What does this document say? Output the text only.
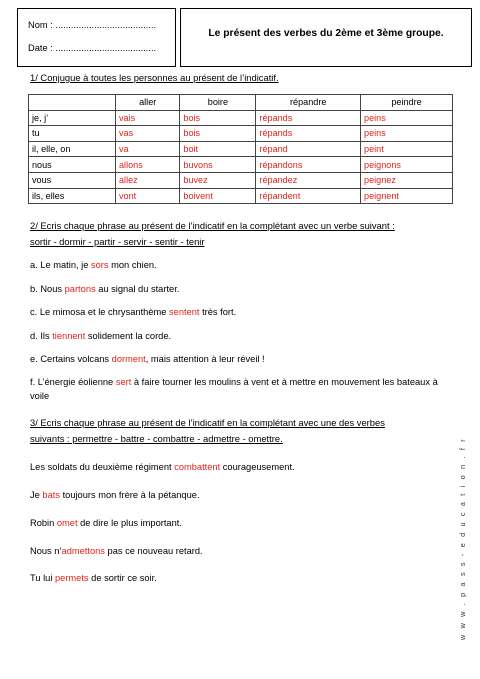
Nom : .......................................
Date : .......................................
Le présent des verbes du 2ème et 3ème groupe.
1/ Conjugue à toutes les personnes au présent de l’indicatif.
	aller	boire	répandre	peindre
je, j’	vais	bois	répands	peins
tu	vas	bois	répands	peins
il, elle, on	va	boit	répand	peint
nous	allons	buvons	répandons	peignons
vous	allez	buvez	répandez	peignez
ils, elles	vont	boivent	répandent	peignent
2/ Ecris chaque phrase au présent de l’indicatif en la complétant avec un verbe suivant :
sortir - dormir - partir - servir - sentir - tenir
a. Le matin, je sors mon chien.
b. Nous partons au signal du starter.
c. Le mimosa et le chrysanthème sentent très fort.
d. Ils tiennent solidement la corde.
e. Certains volcans dorment, mais attention à leur réveil !
f. L’énergie éolienne sert à faire tourner les moulins à vent et à mettre en mouvement les bateaux à voile
3/ Ecris chaque phrase au présent de l’indicatif en la complétant avec une des verbes
suivants : permettre - battre - combattre - admettre - omettre.
Les soldats du deuxième régiment combattent courageusement.
Je bats toujours mon frère à la pétanque.
Robin omet de dire le plus important.
Nous n’admettons pas ce nouveau retard.
Tu lui permets de sortir ce soir.	w w w . p a s s - e d u c a t i o n . f r
